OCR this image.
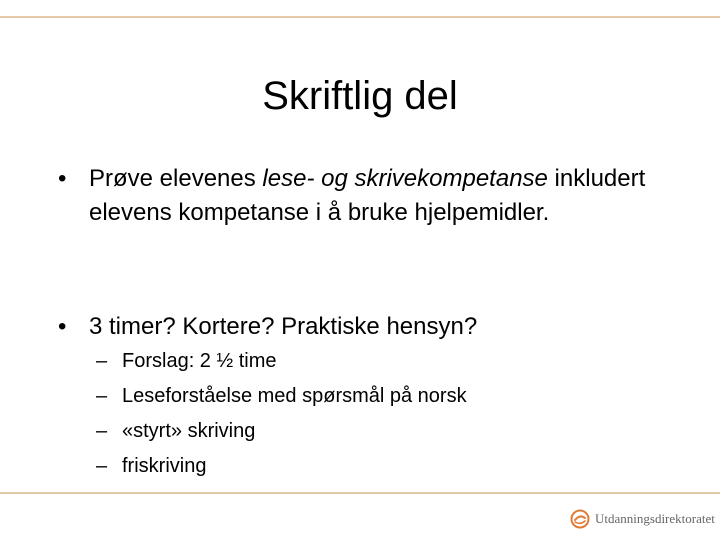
Skriftlig del
• Prøve elevenes lese- og skrivekompetanse inkludert elevens kompetanse i å bruke hjelpemidler.
• 3 timer? Kortere? Praktiske hensyn?
– Forslag: 2 ½ time
– Leseforståelse med spørsmål på norsk
– «styrt» skriving
– friskriving
Utdanningsdirektoratet
